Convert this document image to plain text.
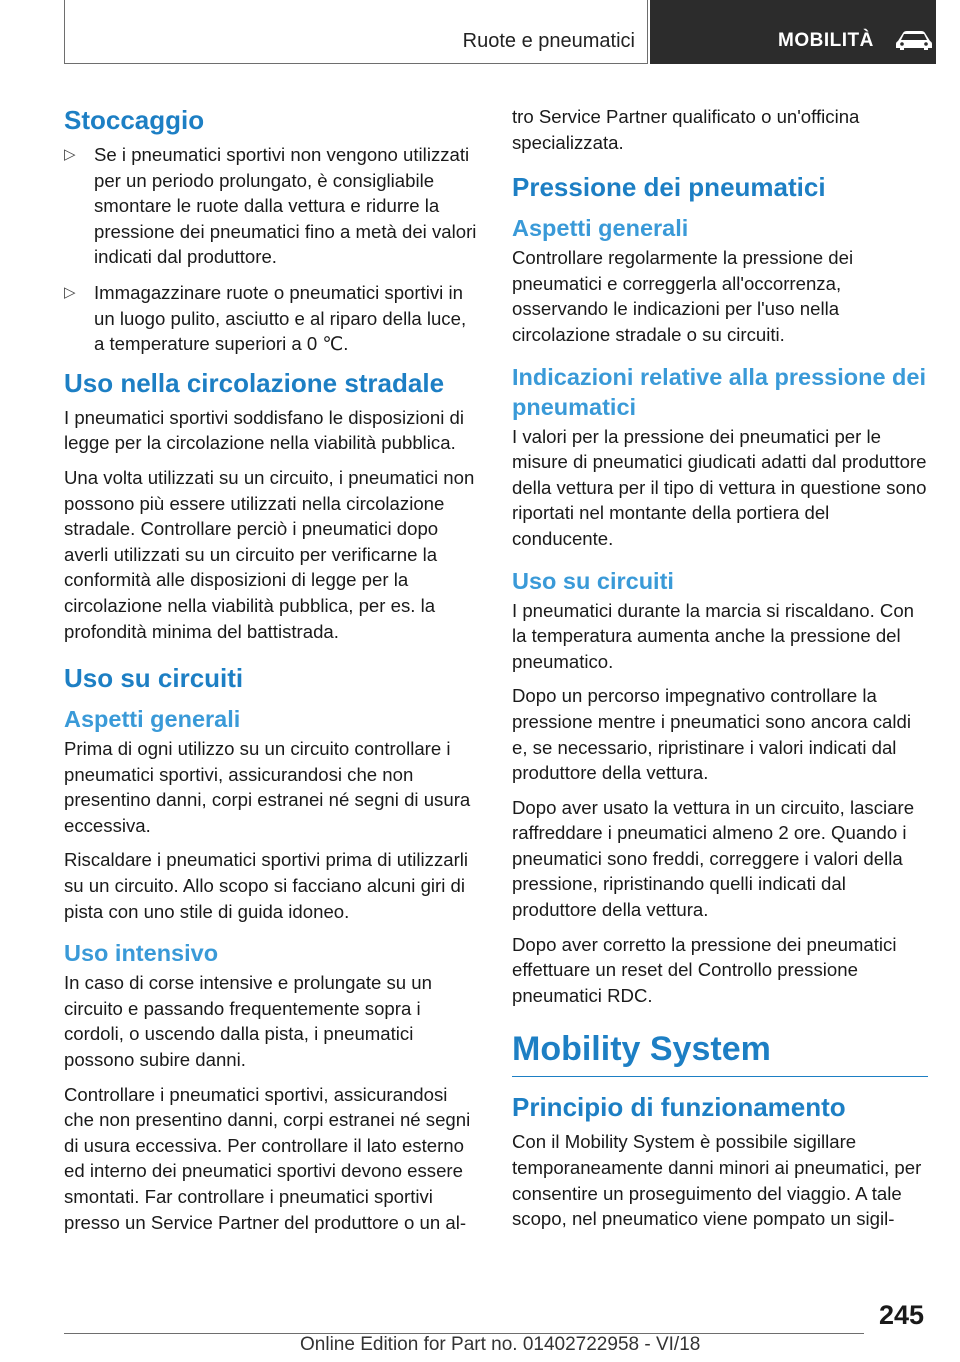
Ruote e pneumatici	MOBILITÀ
Stoccaggio
▷ Se i pneumatici sportivi non vengono utilizzati per un periodo prolungato, è consigliabile smontare le ruote dalla vettura e ridurre la pressione dei pneumatici fino a metà dei valori indicati dal produttore.
▷ Immagazzinare ruote o pneumatici sportivi in un luogo pulito, asciutto e al riparo della luce, a temperature superiori a 0 ℃.
Uso nella circolazione stradale

I pneumatici sportivi soddisfano le disposizioni di legge per la circolazione nella viabilità pubblica.

Una volta utilizzati su un circuito, i pneumatici non possono più essere utilizzati nella circolazione stradale. Controllare perciò i pneumatici dopo averli utilizzati su un circuito per verificarne la conformità alle disposizioni di legge per la circolazione nella viabilità pubblica, per es. la profondità minima del battistrada.

Uso su circuiti
Aspetti generali

Prima di ogni utilizzo su un circuito controllare i pneumatici sportivi, assicurandosi che non presentino danni, corpi estranei né segni di usura eccessiva.

Riscaldare i pneumatici sportivi prima di utilizzarli su un circuito. Allo scopo si facciano alcuni giri di pista con uno stile di guida idoneo.

Uso intensivo

In caso di corse intensive e prolungate su un circuito e passando frequentemente sopra i cordoli, o uscendo dalla pista, i pneumatici possono subire danni.

Controllare i pneumatici sportivi, assicurandosi che non presentino danni, corpi estranei né segni di usura eccessiva. Per controllare il lato esterno ed interno dei pneumatici sportivi devono essere smontati. Far controllare i pneumatici sportivi presso un Service Partner del produttore o un al-

tro Service Partner qualificato o un'officina specializzata.

Pressione dei pneumatici
Aspetti generali

Controllare regolarmente la pressione dei pneumatici e correggerla all'occorrenza, osservando le indicazioni per l'uso nella circolazione stradale o su circuiti.

Indicazioni relative alla pressione dei pneumatici

I valori per la pressione dei pneumatici per le misure di pneumatici giudicati adatti dal produttore della vettura per il tipo di vettura in questione sono riportati nel montante della portiera del conducente.

Uso su circuiti

I pneumatici durante la marcia si riscaldano. Con la temperatura aumenta anche la pressione del pneumatico.

Dopo un percorso impegnativo controllare la pressione mentre i pneumatici sono ancora caldi e, se necessario, ripristinare i valori indicati dal produttore della vettura.

Dopo aver usato la vettura in un circuito, lasciare raffreddare i pneumatici almeno 2 ore. Quando i pneumatici sono freddi, correggere i valori della pressione, ripristinando quelli indicati dal produttore della vettura.

Dopo aver corretto la pressione dei pneumatici effettuare un reset del Controllo pressione pneumatici RDC.

Mobility System
Principio di funzionamento

Con il Mobility System è possibile sigillare temporaneamente danni minori ai pneumatici, per consentire un proseguimento del viaggio. A tale scopo, nel pneumatico viene pompato un sigil-

245
Online Edition for Part no. 01402722958 - VI/18
